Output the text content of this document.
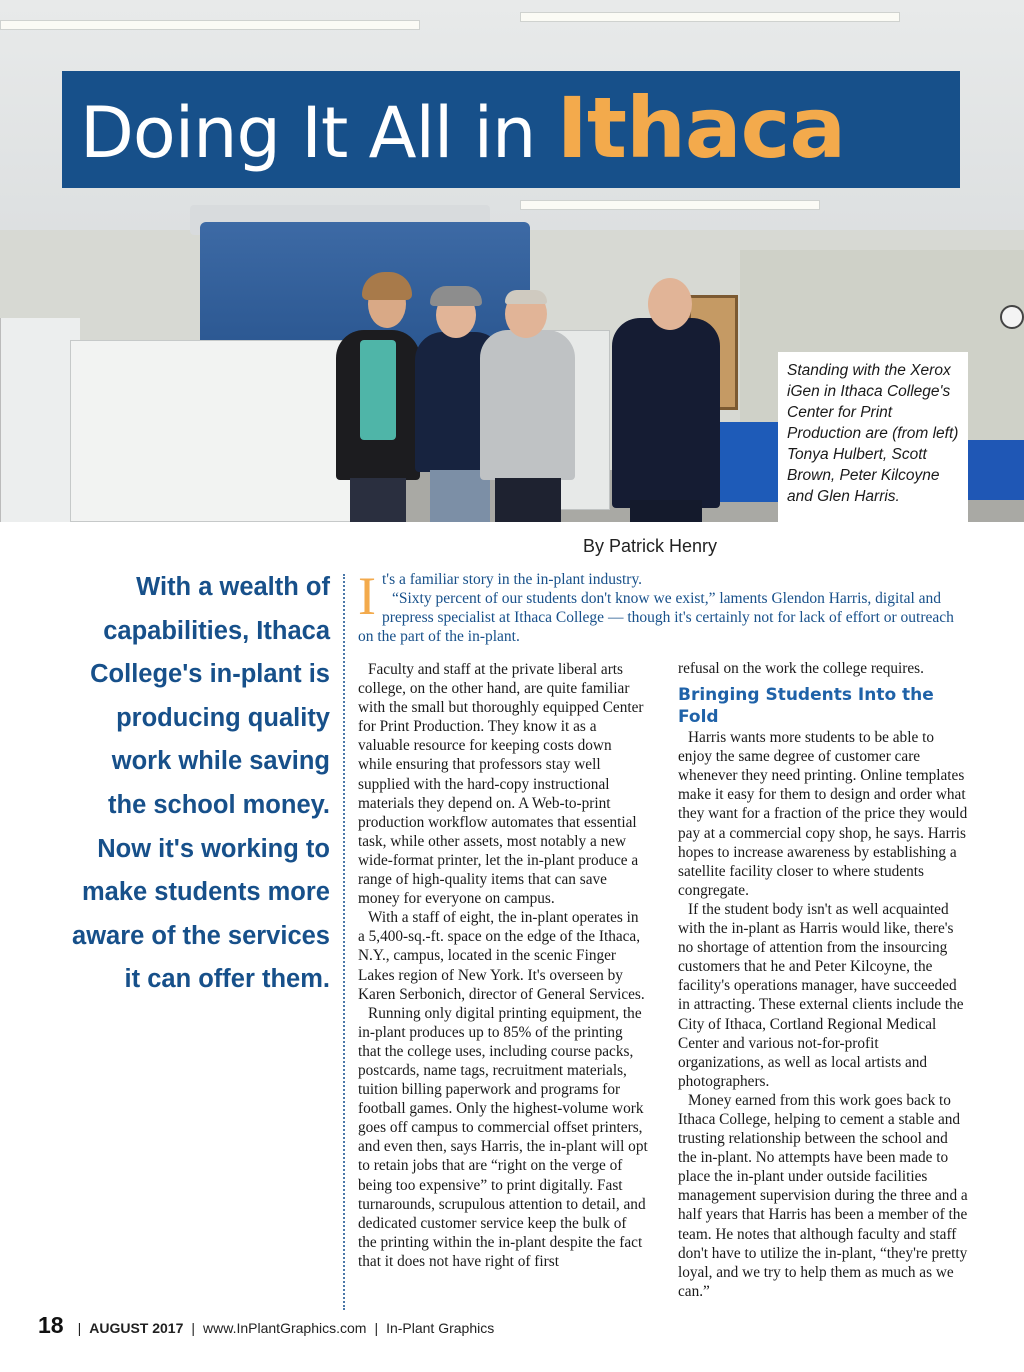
Doing It All in Ithaca

Standing with the Xerox iGen in Ithaca College's Center for Print Production are (from left) Tonya Hulbert, Scott Brown, Peter Kilcoyne and Glen Harris.

By Patrick Henry
With a wealth of capabilities, Ithaca College's in-plant is producing quality work while saving the school money. Now it's working to make students more aware of the services it can offer them.
I t's a familiar story in the in-plant industry.

“Sixty percent of our students don't know we exist,” laments Glendon Harris, digital and prepress specialist at Ithaca College — though it's certainly not for lack of effort or outreach on the part of the in-plant.

Faculty and staff at the private liberal arts college, on the other hand, are quite familiar with the small but thoroughly equipped Center for Print Production. They know it as a valuable resource for keeping costs down while ensuring that professors stay well supplied with the hard-copy instructional materials they depend on. A Web-to-print production workflow automates that essential task, while other assets, most notably a new wide-format printer, let the in-plant produce a range of high-quality items that can save money for everyone on campus.

With a staff of eight, the in-plant operates in a 5,400-sq.-ft. space on the edge of the Ithaca, N.Y., campus, located in the scenic Finger Lakes region of New York. It's overseen by Karen Serbonich, director of General Services.

Running only digital printing equipment, the in-plant produces up to 85% of the printing that the college uses, including course packs, postcards, name tags, recruitment materials, tuition billing paperwork and programs for football games. Only the highest-volume work goes off campus to commercial offset printers, and even then, says Harris, the in-plant will opt to retain jobs that are “right on the verge of being too expensive” to print digitally. Fast turnarounds, scrupulous attention to detail, and dedicated customer service keep the bulk of the printing within the in-plant despite the fact that it does not have right of first

refusal on the work the college requires.

Bringing Students Into the Fold

Harris wants more students to be able to enjoy the same degree of customer care whenever they need printing. Online templates make it easy for them to design and order what they want for a fraction of the price they would pay at a commercial copy shop, he says. Harris hopes to increase awareness by establishing a satellite facility closer to where students congregate.

If the student body isn't as well acquainted with the in-plant as Harris would like, there's no shortage of attention from the insourcing customers that he and Peter Kilcoyne, the facility's operations manager, have succeeded in attracting. These external clients include the City of Ithaca, Cortland Regional Medical Center and various not-for-profit organizations, as well as local artists and photographers.

Money earned from this work goes back to Ithaca College, helping to cement a stable and trusting relationship between the school and the in-plant. No attempts have been made to place the in-plant under outside facilities management supervision during the three and a half years that Harris has been a member of the team. He notes that although faculty and staff don't have to utilize the in-plant, “they're pretty loyal, and we try to help them as much as we can.”

18 | AUGUST 2017 | www.InPlantGraphics.com | In-Plant Graphics
